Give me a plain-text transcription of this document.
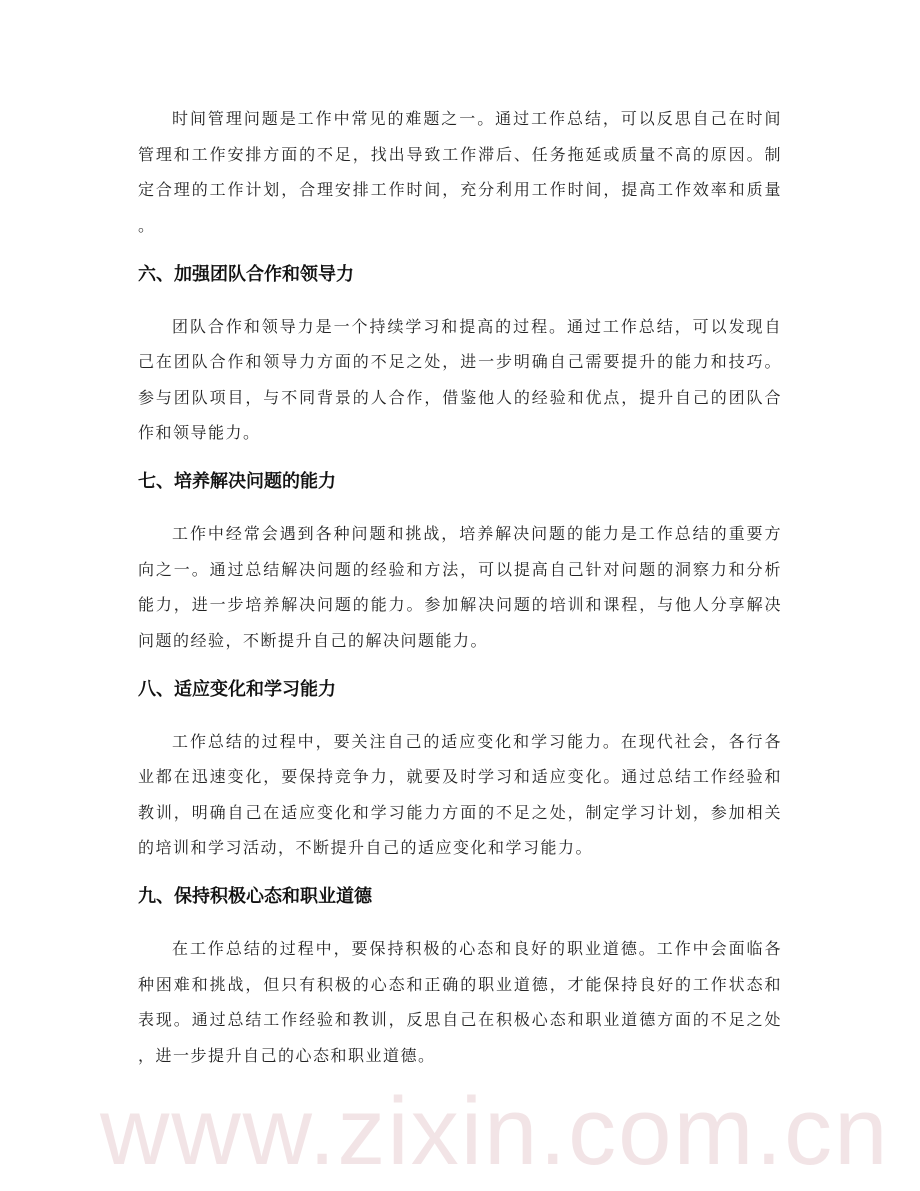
www.zixin.com.cn
时间管理问题是工作中常见的难题之一。通过工作总结，可以反思自己在时间
管理和工作安排方面的不足，找出导致工作滞后、任务拖延或质量不高的原因。制
定合理的工作计划，合理安排工作时间，充分利用工作时间，提高工作效率和质量
。
六、加强团队合作和领导力
团队合作和领导力是一个持续学习和提高的过程。通过工作总结，可以发现自
己在团队合作和领导力方面的不足之处，进一步明确自己需要提升的能力和技巧。
参与团队项目，与不同背景的人合作，借鉴他人的经验和优点，提升自己的团队合
作和领导能力。
七、培养解决问题的能力
工作中经常会遇到各种问题和挑战，培养解决问题的能力是工作总结的重要方
向之一。通过总结解决问题的经验和方法，可以提高自己针对问题的洞察力和分析
能力，进一步培养解决问题的能力。参加解决问题的培训和课程，与他人分享解决
问题的经验，不断提升自己的解决问题能力。
八、适应变化和学习能力
工作总结的过程中，要关注自己的适应变化和学习能力。在现代社会，各行各
业都在迅速变化，要保持竞争力，就要及时学习和适应变化。通过总结工作经验和
教训，明确自己在适应变化和学习能力方面的不足之处，制定学习计划，参加相关
的培训和学习活动，不断提升自己的适应变化和学习能力。
九、保持积极心态和职业道德
在工作总结的过程中，要保持积极的心态和良好的职业道德。工作中会面临各
种困难和挑战，但只有积极的心态和正确的职业道德，才能保持良好的工作状态和
表现。通过总结工作经验和教训，反思自己在积极心态和职业道德方面的不足之处
，进一步提升自己的心态和职业道德。
